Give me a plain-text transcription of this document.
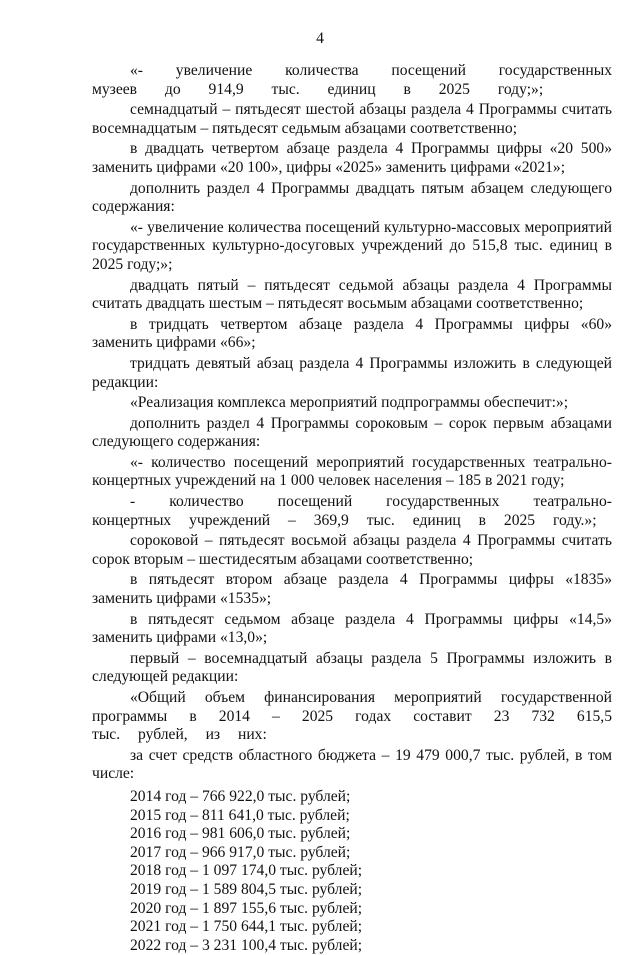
4

«- увеличение количества посещений государственных музеев до 914,9 тыс. единиц в 2025 году;»;

семнадцатый – пятьдесят шестой абзацы раздела 4 Программы считать восемнадцатым – пятьдесят седьмым абзацами соответственно;

в двадцать четвертом абзаце раздела 4 Программы цифры «20 500» заменить цифрами «20 100», цифры «2025» заменить цифрами «2021»;

дополнить раздел 4 Программы двадцать пятым абзацем следующего содержания:

«- увеличение количества посещений культурно-массовых мероприятий государственных культурно-досуговых учреждений до 515,8 тыс. единиц в 2025 году;»;

двадцать пятый – пятьдесят седьмой абзацы раздела 4 Программы считать двадцать шестым – пятьдесят восьмым абзацами соответственно;

в тридцать четвертом абзаце раздела 4 Программы цифры «60» заменить цифрами «66»;

тридцать девятый абзац раздела 4 Программы изложить в следующей редакции:

«Реализация комплекса мероприятий подпрограммы обеспечит:»;

дополнить раздел 4 Программы сороковым – сорок первым абзацами следующего содержания:

«- количество посещений мероприятий государственных театрально-концертных учреждений на 1 000 человек населения – 185 в 2021 году;

- количество посещений государственных театрально-концертных учреждений – 369,9 тыс. единиц в 2025 году.»;

сороковой – пятьдесят восьмой абзацы раздела 4 Программы считать сорок вторым – шестидесятым абзацами соответственно;

в пятьдесят втором абзаце раздела 4 Программы цифры «1835» заменить цифрами «1535»;

в пятьдесят седьмом абзаце раздела 4 Программы цифры «14,5» заменить цифрами «13,0»;

первый – восемнадцатый абзацы раздела 5 Программы изложить в следующей редакции:

«Общий объем финансирования мероприятий государственной программы в 2014 – 2025 годах составит 23 732 615,5 тыс. рублей, из них:

за счет средств областного бюджета – 19 479 000,7 тыс. рублей, в том числе:

2014 год – 766 922,0 тыс. рублей;
2015 год – 811 641,0 тыс. рублей;
2016 год – 981 606,0 тыс. рублей;
2017 год – 966 917,0 тыс. рублей;
2018 год – 1 097 174,0 тыс. рублей;
2019 год – 1 589 804,5 тыс. рублей;
2020 год – 1 897 155,6 тыс. рублей;
2021 год – 1 750 644,1 тыс. рублей;
2022 год – 3 231 100,4 тыс. рублей;
